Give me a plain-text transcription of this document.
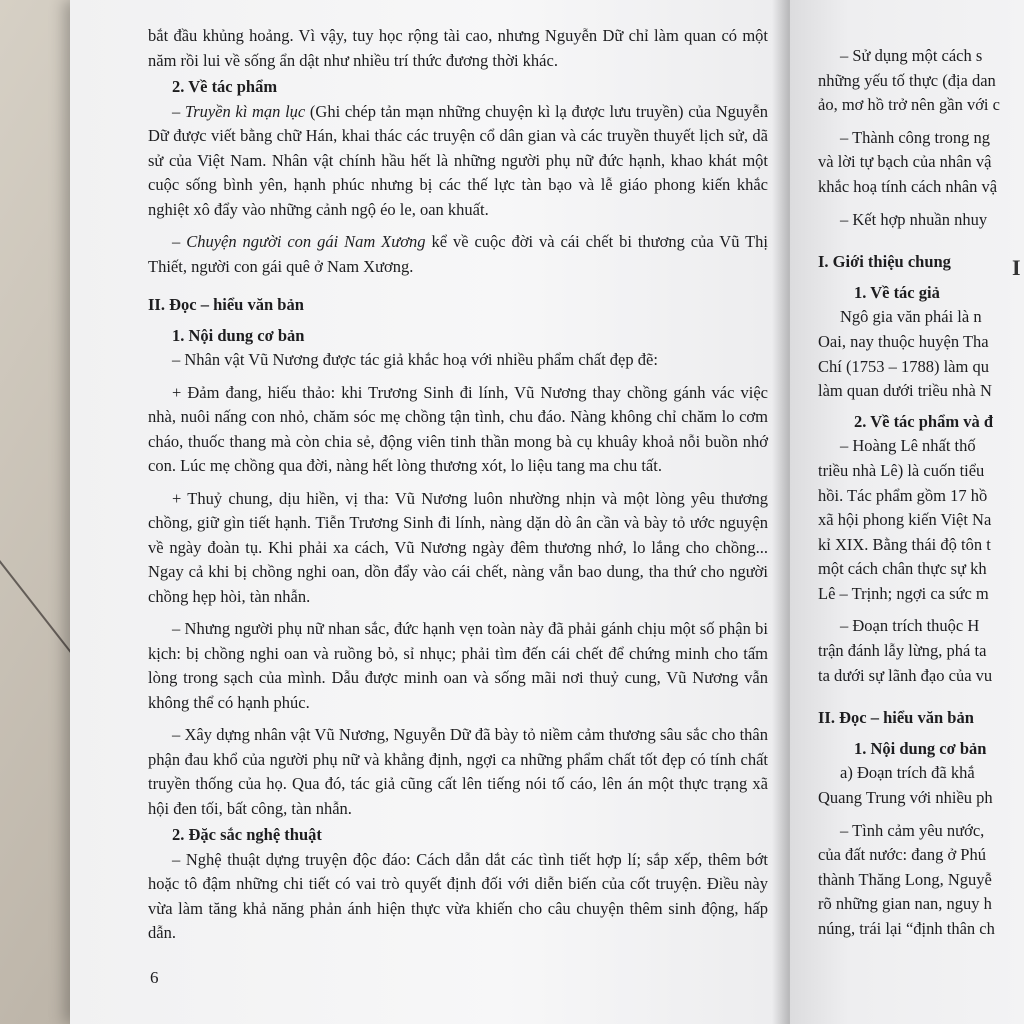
bắt đầu khủng hoảng. Vì vậy, tuy học rộng tài cao, nhưng Nguyễn Dữ chỉ làm quan có một năm rồi lui về sống ẩn dật như nhiều trí thức đương thời khác.

2. Về tác phẩm

– Truyền kì mạn lục (Ghi chép tản mạn những chuyện kì lạ được lưu truyền) của Nguyễn Dữ được viết bằng chữ Hán, khai thác các truyện cổ dân gian và các truyền thuyết lịch sử, dã sử của Việt Nam. Nhân vật chính hầu hết là những người phụ nữ đức hạnh, khao khát một cuộc sống bình yên, hạnh phúc nhưng bị các thế lực tàn bạo và lễ giáo phong kiến khắc nghiệt xô đẩy vào những cảnh ngộ éo le, oan khuất.

– Chuyện người con gái Nam Xương kể về cuộc đời và cái chết bi thương của Vũ Thị Thiết, người con gái quê ở Nam Xương.

II. Đọc – hiểu văn bản

1. Nội dung cơ bản

– Nhân vật Vũ Nương được tác giả khắc hoạ với nhiều phẩm chất đẹp đẽ:

+ Đảm đang, hiếu thảo: khi Trương Sinh đi lính, Vũ Nương thay chồng gánh vác việc nhà, nuôi nấng con nhỏ, chăm sóc mẹ chồng tận tình, chu đáo. Nàng không chỉ chăm lo cơm cháo, thuốc thang mà còn chia sẻ, động viên tinh thần mong bà cụ khuây khoả nỗi buồn nhớ con. Lúc mẹ chồng qua đời, nàng hết lòng thương xót, lo liệu tang ma chu tất.

+ Thuỷ chung, dịu hiền, vị tha: Vũ Nương luôn nhường nhịn và một lòng yêu thương chồng, giữ gìn tiết hạnh. Tiễn Trương Sinh đi lính, nàng dặn dò ân cần và bày tỏ ước nguyện về ngày đoàn tụ. Khi phải xa cách, Vũ Nương ngày đêm thương nhớ, lo lắng cho chồng... Ngay cả khi bị chồng nghi oan, dồn đẩy vào cái chết, nàng vẫn bao dung, tha thứ cho người chồng hẹp hòi, tàn nhẫn.

– Nhưng người phụ nữ nhan sắc, đức hạnh vẹn toàn này đã phải gánh chịu một số phận bi kịch: bị chồng nghi oan và ruồng bỏ, sỉ nhục; phải tìm đến cái chết để chứng minh cho tấm lòng trong sạch của mình. Dẫu được minh oan và sống mãi nơi thuỷ cung, Vũ Nương vẫn không thể có hạnh phúc.

– Xây dựng nhân vật Vũ Nương, Nguyễn Dữ đã bày tỏ niềm cảm thương sâu sắc cho thân phận đau khổ của người phụ nữ và khẳng định, ngợi ca những phẩm chất tốt đẹp có tính chất truyền thống của họ. Qua đó, tác giả cũng cất lên tiếng nói tố cáo, lên án một thực trạng xã hội đen tối, bất công, tàn nhẫn.

2. Đặc sắc nghệ thuật

– Nghệ thuật dựng truyện độc đáo: Cách dẫn dắt các tình tiết hợp lí; sắp xếp, thêm bớt hoặc tô đậm những chi tiết có vai trò quyết định đối với diễn biến của cốt truyện. Điều này vừa làm tăng khả năng phản ánh hiện thực vừa khiến cho câu chuyện thêm sinh động, hấp dẫn.

6

– Sử dụng một cách s

những yếu tố thực (địa dan

ảo, mơ hồ trở nên gần với c

– Thành công trong ng

và lời tự bạch của nhân vậ

khắc hoạ tính cách nhân vậ

– Kết hợp nhuần nhuy

I. Giới thiệu chung

1. Về tác giả

Ngô gia văn phái là n

Oai, nay thuộc huyện Tha

Chí (1753 – 1788) làm qu

làm quan dưới triều nhà N

2. Về tác phẩm và đ

– Hoàng Lê nhất thố

triều nhà Lê) là cuốn tiểu

hồi. Tác phẩm gồm 17 hồ

xã hội phong kiến Việt Na

kỉ XIX. Bằng thái độ tôn t

một cách chân thực sự kh

Lê – Trịnh; ngợi ca sức m

– Đoạn trích thuộc H

trận đánh lẫy lừng, phá ta

ta dưới sự lãnh đạo của vu

II. Đọc – hiểu văn bản

1. Nội dung cơ bản

a) Đoạn trích đã khắ

Quang Trung với nhiều ph

– Tình cảm yêu nước,

của đất nước: đang ở Phú

thành Thăng Long, Nguyễ

rõ những gian nan, nguy h

núng, trái lại “định thân ch

I
